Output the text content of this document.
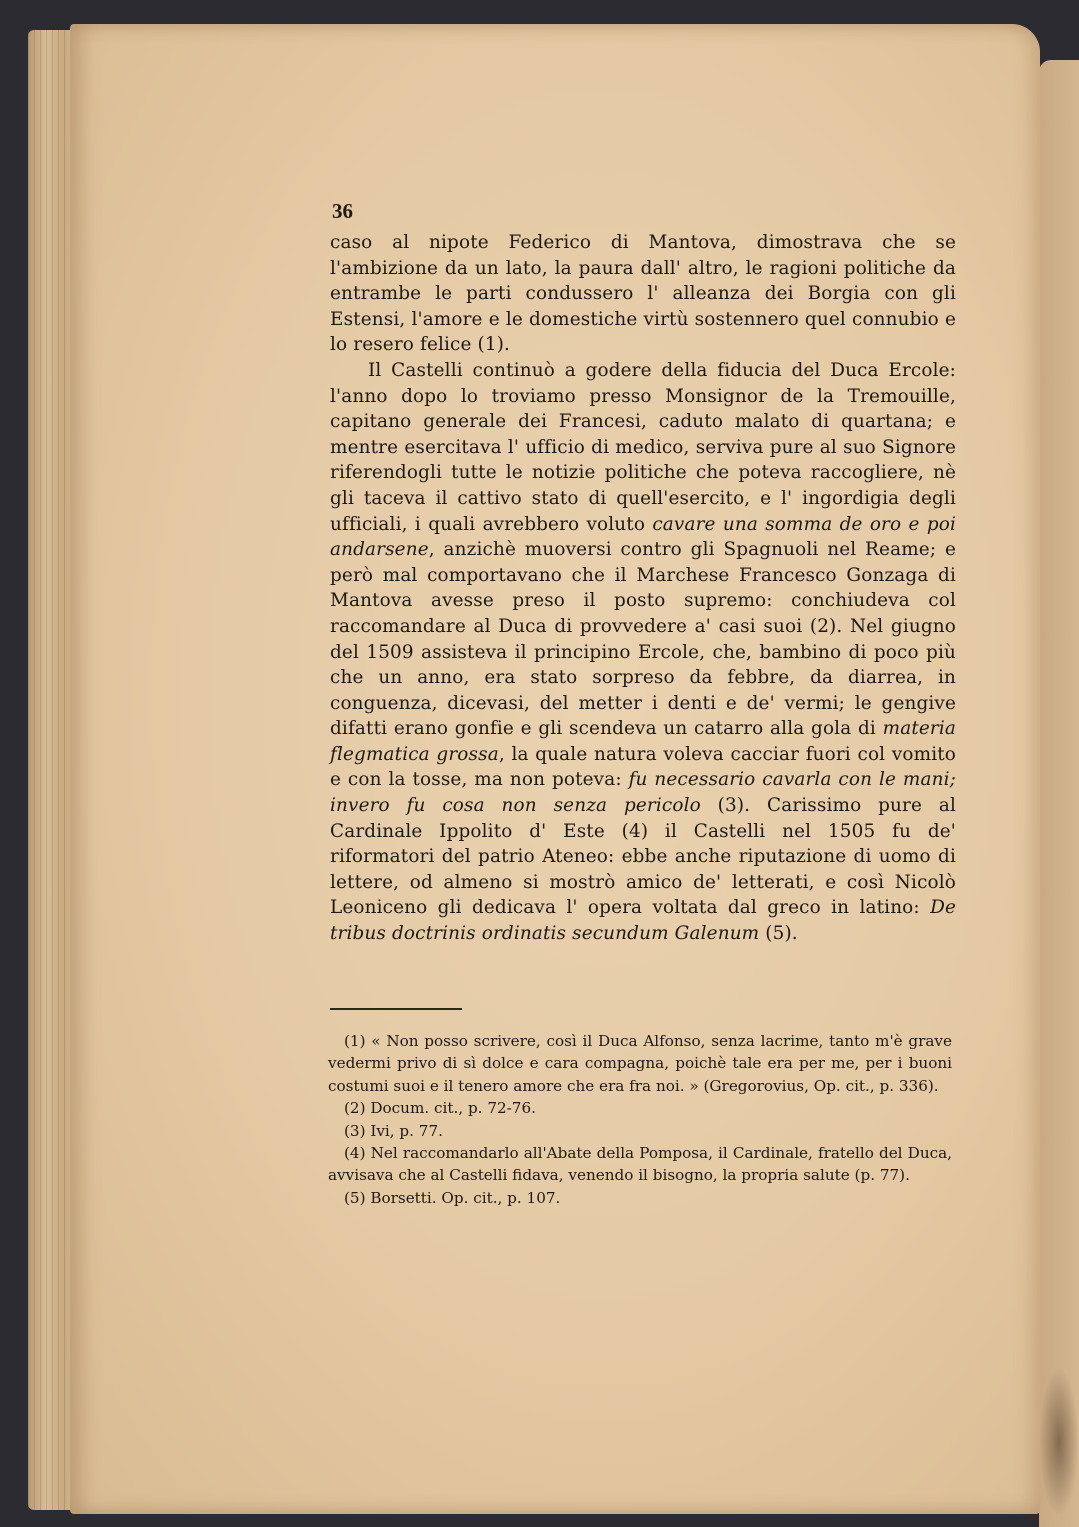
36

caso al nipote Federico di Mantova, dimostrava che se l'ambizione da un lato, la paura dall' altro, le ragioni politiche da entrambe le parti condussero l' alleanza dei Borgia con gli Estensi, l'amore e le domestiche virtù sostennero quel connubio e lo resero felice (1).

Il Castelli continuò a godere della fiducia del Duca Ercole: l'anno dopo lo troviamo presso Monsignor de la Tremouille, capitano generale dei Francesi, caduto malato di quartana; e mentre esercitava l' ufficio di medico, serviva pure al suo Signore riferendogli tutte le notizie politiche che poteva raccogliere, nè gli taceva il cattivo stato di quell'esercito, e l' ingordigia degli ufficiali, i quali avrebbero voluto cavare una somma de oro e poi andarsene, anzichè muoversi contro gli Spagnuoli nel Reame; e però mal comportavano che il Marchese Francesco Gonzaga di Mantova avesse preso il posto supremo: conchiudeva col raccomandare al Duca di provvedere a' casi suoi (2). Nel giugno del 1509 assisteva il principino Ercole, che, bambino di poco più che un anno, era stato sorpreso da febbre, da diarrea, in conguenza, dicevasi, del metter i denti e de' vermi; le gengive difatti erano gonfie e gli scendeva un catarro alla gola di materia flegmatica grossa, la quale natura voleva cacciar fuori col vomito e con la tosse, ma non poteva: fu necessario cavarla con le mani; invero fu cosa non senza pericolo (3). Carissimo pure al Cardinale Ippolito d' Este (4) il Castelli nel 1505 fu de' riformatori del patrio Ateneo: ebbe anche riputazione di uomo di lettere, od almeno si mostrò amico de' letterati, e così Nicolò Leoniceno gli dedicava l' opera voltata dal greco in latino: De tribus doctrinis ordinatis secundum Galenum (5).

(1) « Non posso scrivere, così il Duca Alfonso, senza lacrime, tanto m'è grave vedermi privo di sì dolce e cara compagna, poichè tale era per me, per i buoni costumi suoi e il tenero amore che era fra noi. » (Gregorovius, Op. cit., p. 336).

(2) Docum. cit., p. 72-76.

(3) Ivi, p. 77.

(4) Nel raccomandarlo all'Abate della Pomposa, il Cardinale, fratello del Duca, avvisava che al Castelli fidava, venendo il bisogno, la propria salute (p. 77).

(5) Borsetti. Op. cit., p. 107.
